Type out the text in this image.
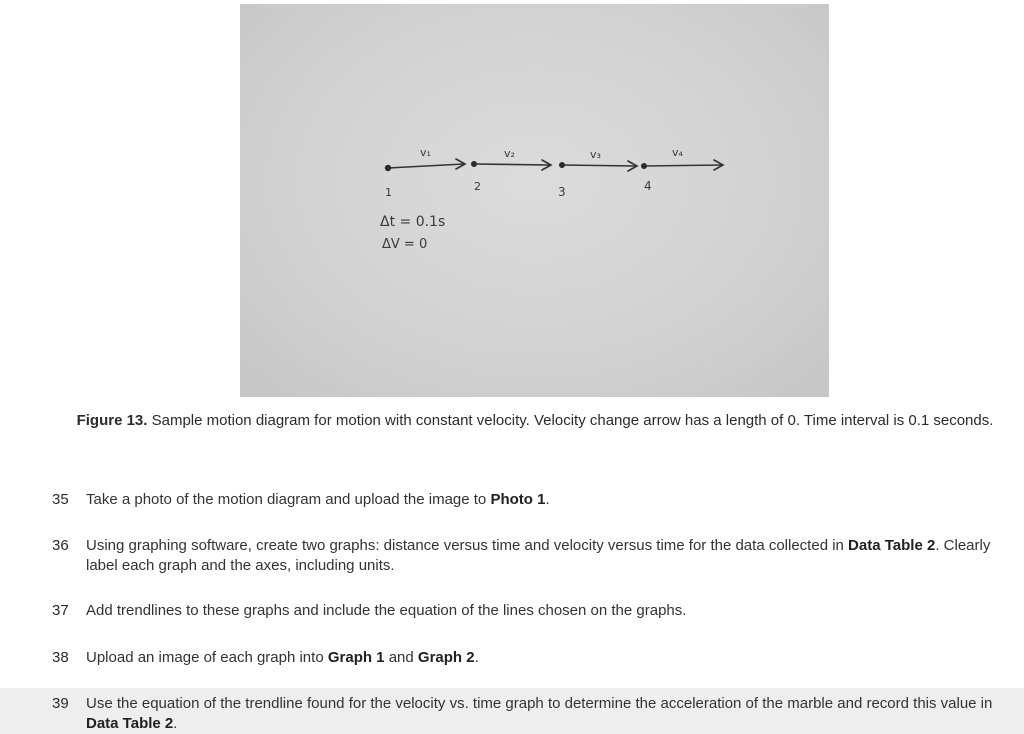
v₁	v₂	v₃	v₄
1	2	3	4
Δt = 0.1s
ΔV = 0
Figure 13. Sample motion diagram for motion with constant velocity. Velocity change arrow has a length of 0. Time interval is 0.1 seconds.
35	Take a photo of the motion diagram and upload the image to Photo 1.
36	Using graphing software, create two graphs: distance versus time and velocity versus time for the data collected in Data Table 2. Clearly label each graph and the axes, including units.
37	Add trendlines to these graphs and include the equation of the lines chosen on the graphs.
38	Upload an image of each graph into Graph 1 and Graph 2.
39	Use the equation of the trendline found for the velocity vs. time graph to determine the acceleration of the marble and record this value in Data Table 2.
